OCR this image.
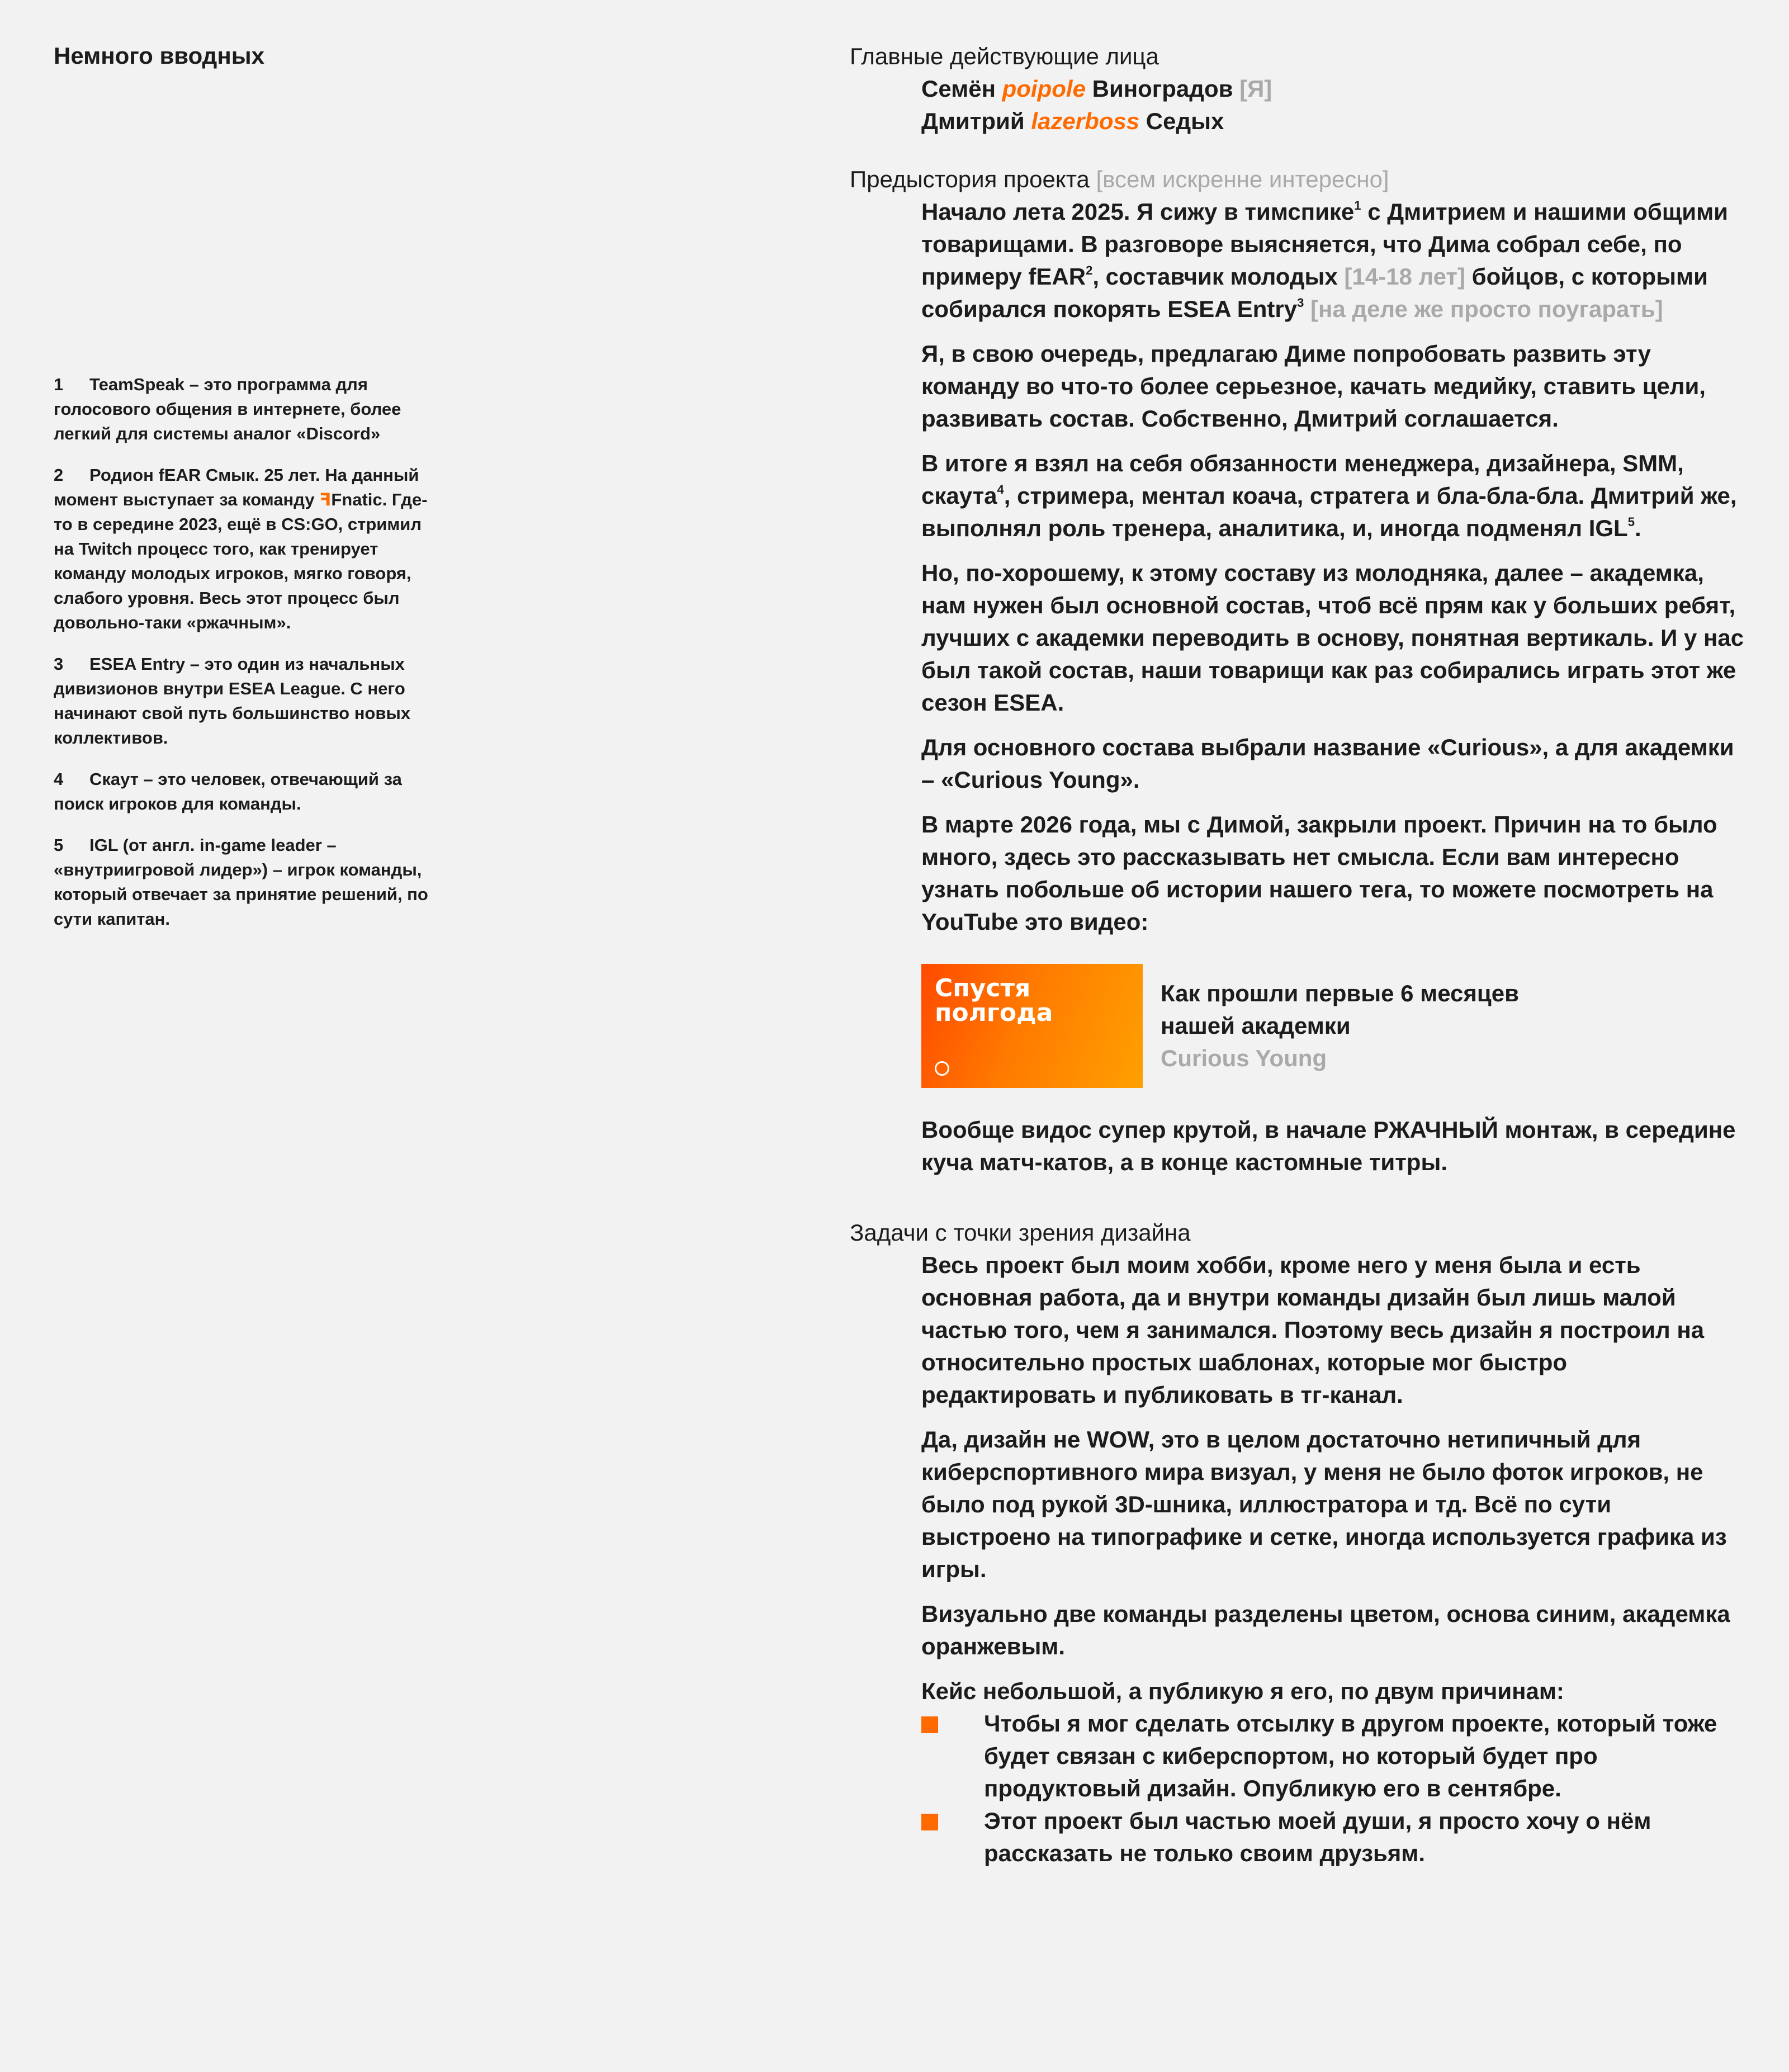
Немного вводных

1 TeamSpeak – это программа для голосового общения в интернете, более легкий для системы аналог «Discord»

2 Родион fEAR Смык. 25 лет. На данный момент выступает за команду ꟻFnatic. Где-то в середине 2023, ещё в CS:GO, стримил на Twitch процесс того, как тренирует команду молодых игроков, мягко говоря, слабого уровня. Весь этот процесс был довольно-таки «ржачным».

3 ESEA Entry – это один из начальных дивизионов внутри ESEA League. С него начинают свой путь большинство новых коллективов.

4 Скаут – это человек, отвечающий за поиск игроков для команды.

5 IGL (от англ. in-game leader – «внутриигровой лидер») – игрок команды, который отвечает за принятие решений, по сути капитан.

Главные действующие лица
Семён poipole Виноградов [Я]
Дмитрий lazerboss Седых
Предыстория проекта [всем искренне интересно]

Начало лета 2025. Я сижу в тимспике$^1$ с Дмитрием и нашими общими товарищами. В разговоре выясняется, что Дима собрал себе, по примеру fEAR$^2$, составчик молодых [14-18 лет] бойцов, с которыми собирался покорять ESEA Entry$^3$ [на деле же просто поугарать]

Я, в свою очередь, предлагаю Диме попробовать развить эту команду во что-то более серьезное, качать медийку, ставить цели, развивать состав. Собственно, Дмитрий соглашается.

В итоге я взял на себя обязанности менеджера, дизайнера, SMM, скаута$^4$, стримера, ментал коача, стратега и бла-бла-бла. Дмитрий же, выполнял роль тренера, аналитика, и, иногда подменял IGL$^5$.

Но, по-хорошему, к этому составу из молодняка, далее – академка, нам нужен был основной состав, чтоб всё прям как у больших ребят, лучших с академки переводить в основу, понятная вертикаль. И у нас был такой состав, наши товарищи как раз собирались играть этот же сезон ESEA.

Для основного состава выбрали название «Curious», а для академки – «Curious Young».

В марте 2026 года, мы с Димой, закрыли проект. Причин на то было много, здесь это рассказывать нет смысла. Если вам интересно узнать побольше об истории нашего тега, то можете посмотреть на YouTube это видео:

Спустя
полгода
Как прошли первые 6 месяцев
нашей академки
Curious Young

Вообще видос супер крутой, в начале РЖАЧНЫЙ монтаж, в середине куча матч-катов, а в конце кастомные титры.

Задачи с точки зрения дизайна

Весь проект был моим хобби, кроме него у меня была и есть основная работа, да и внутри команды дизайн был лишь малой частью того, чем я занимался. Поэтому весь дизайн я построил на относительно простых шаблонах, которые мог быстро редактировать и публиковать в тг-канал.

Да, дизайн не WOW, это в целом достаточно нетипичный для киберспортивного мира визуал, у меня не было фоток игроков, не было под рукой 3D-шника, иллюстратора и тд. Всё по сути выстроено на типографике и сетке, иногда используется графика из игры.

Визуально две команды разделены цветом, основа синим, академка оранжевым.

Кейс небольшой, а публикую я его, по двум причинам:

Чтобы я мог сделать отсылку в другом проекте, который тоже будет связан с киберспортом, но который будет про продуктовый дизайн. Опубликую его в сентябре.
Этот проект был частью моей души, я просто хочу о нём рассказать не только своим друзьям.
